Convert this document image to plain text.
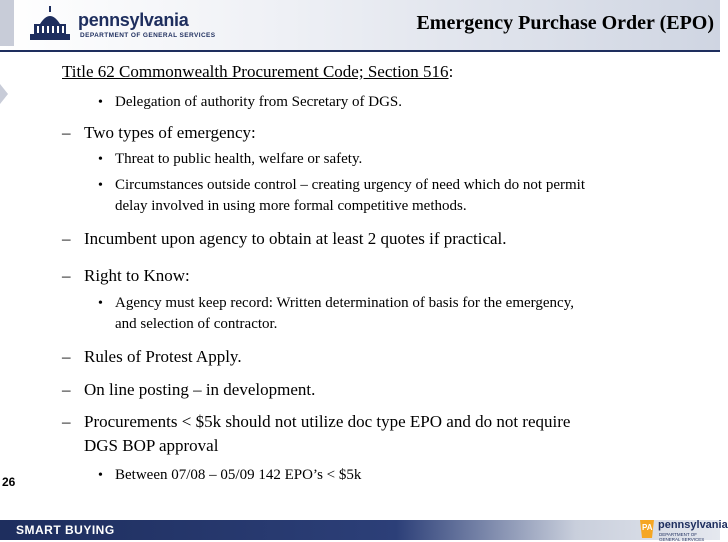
pennsylvania
DEPARTMENT OF GENERAL SERVICES
Emergency Purchase Order (EPO)
Title 62 Commonwealth Procurement Code; Section 516:
• Delegation of authority from Secretary of DGS.
– Two types of emergency:
• Threat to public health, welfare or safety.
• Circumstances outside control – creating urgency of need which do not permit
delay involved in using more formal competitive methods.
– Incumbent upon agency to obtain at least 2 quotes if practical.
– Right to Know:
• Agency must keep record: Written determination of basis for the emergency,
and selection of contractor.
– Rules of Protest Apply.
– On line posting – in development.
– Procurements < $5k should not utilize doc type EPO and do not require
DGS BOP approval
• Between 07/08 – 05/09 142 EPO’s < $5k
26
SMART BUYING	PA pennsylvania
DEPARTMENT OF GENERAL SERVICES
